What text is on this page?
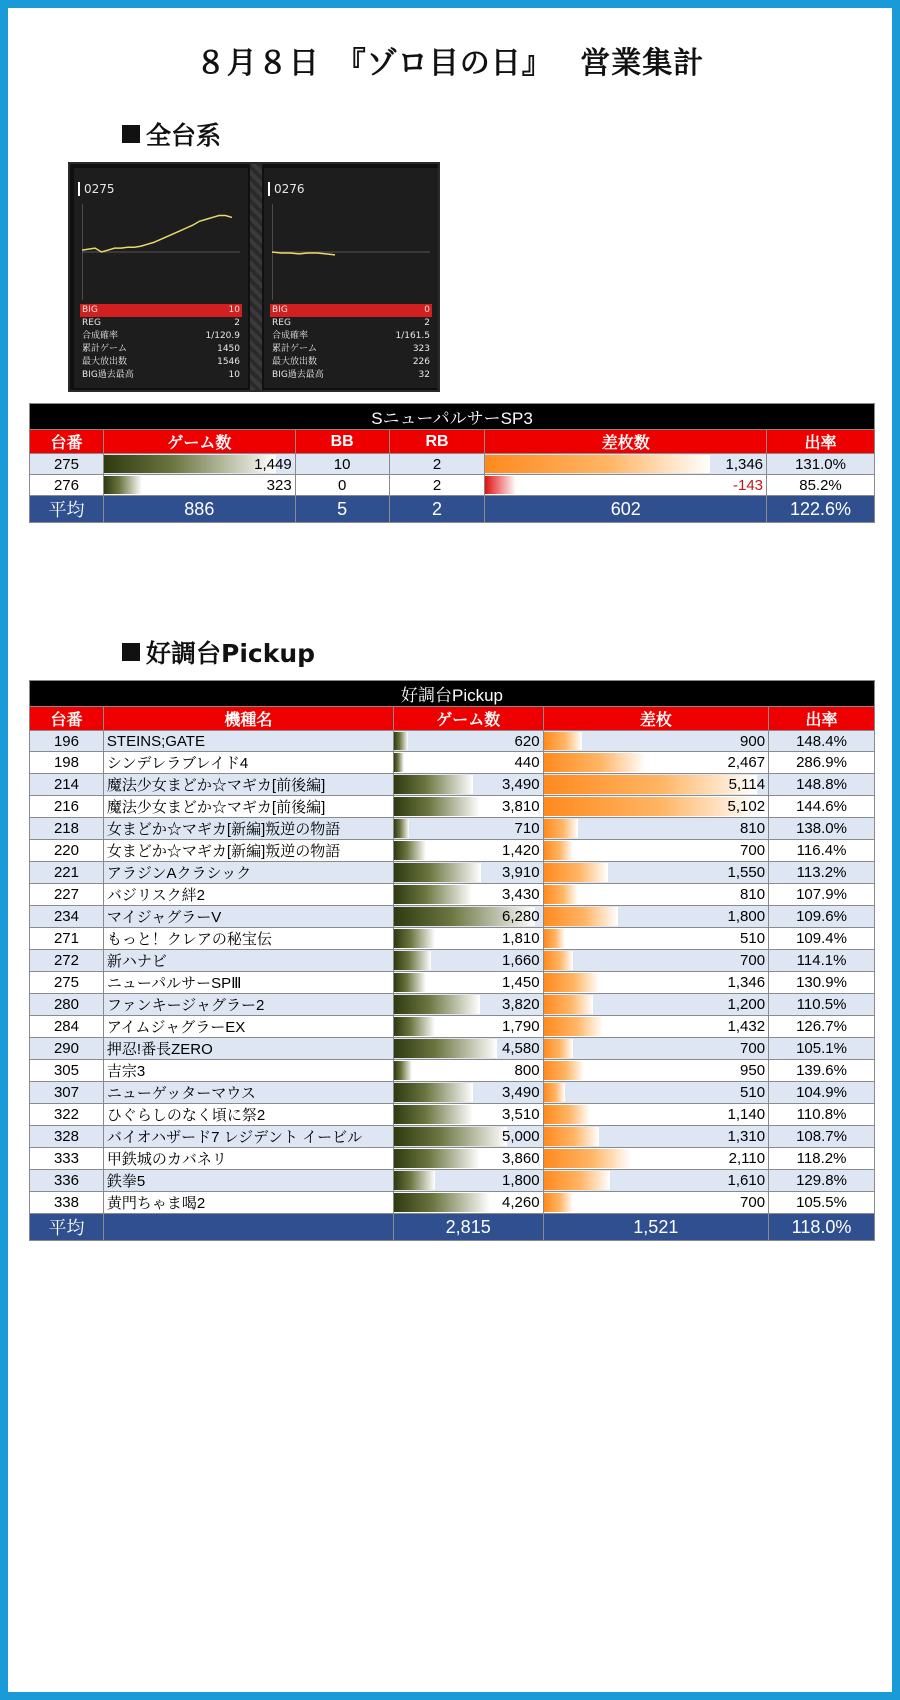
８月８日　『ゾロ目の日』　 営業集計
全台系
0275
BIG	10
REG	2
合成確率	1/120.9
累計ゲーム	1450
最大放出数	1546
BIG過去最高	10
0276
BIG	0
REG	2
合成確率	1/161.5
累計ゲーム	323
最大放出数	226
BIG過去最高	32
SニューパルサーSP3					
台番	ゲーム数	BB	RB	差枚数	出率
275	1,449	10	2	1,346	131.0%
276	323	0	2	-143	85.2%
平均	886	5	2	602	122.6%
好調台Pickup
好調台Pickup				
台番	機種名	ゲーム数	差枚	出率
196	STEINS;GATE	620	900	148.4%
198	シンデレラブレイド4	440	2,467	286.9%
214	魔法少女まどか☆マギカ[前後編]	3,490	5,114	148.8%
216	魔法少女まどか☆マギカ[前後編]	3,810	5,102	144.6%
218	女まどか☆マギカ[新編]叛逆の物語	710	810	138.0%
220	女まどか☆マギカ[新編]叛逆の物語	1,420	700	116.4%
221	アラジンAクラシック	3,910	1,550	113.2%
227	バジリスク絆2	3,430	810	107.9%
234	マイジャグラーV	6,280	1,800	109.6%
271	もっと！クレアの秘宝伝	1,810	510	109.4%
272	新ハナビ	1,660	700	114.1%
275	ニューパルサーSPⅢ	1,450	1,346	130.9%
280	ファンキージャグラー2	3,820	1,200	110.5%
284	アイムジャグラーEX	1,790	1,432	126.7%
290	押忍!番長ZERO	4,580	700	105.1%
305	吉宗3	800	950	139.6%
307	ニューゲッターマウス	3,490	510	104.9%
322	ひぐらしのなく頃に祭2	3,510	1,140	110.8%
328	バイオハザード7 レジデント イービル	5,000	1,310	108.7%
333	甲鉄城のカバネリ	3,860	2,110	118.2%
336	鉄拳5	1,800	1,610	129.8%
338	黄門ちゃま喝2	4,260	700	105.5%
平均		2,815	1,521	118.0%
